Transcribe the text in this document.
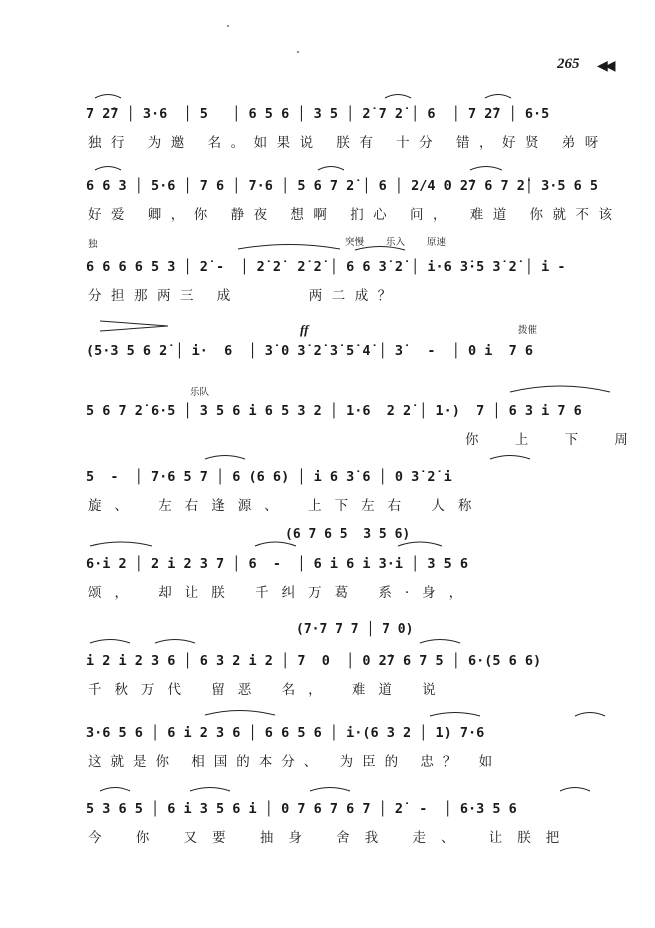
265 ◀◀
7 2̇7 │ 3·6  │ 5   │ 6 5 6 │ 3 5 │ 2̇ 7 2̇ │ 6  │ 7 2̇7 │ 6·5
独行 为邀 名。如果说 朕有 十分 错，好贤 弟呀
6 6 3 │ 5·6 │ 7 6 │ 7·6 │ 5 6 7 2̇ │ 6 │ 2/4 0 2̇7 6 7 2̇│ 3·5 6 5
好爱 卿，你 静夜 想啊 扪心 问， 难道 你就不该
独	突慢 乐入 原速
6 6 6 6 5 3 │ 2̇ -  │ 2̇ 2̇  2̇ 2̇ │ 6 6 3̇ 2̇ │ i·6 3̇·5 3̇ 2̇ │ i -
分担那两三 成     两二成？
ff	拨催
(5·3 5 6 2̇ │ i·  6  │ 3̇ 0 3̇ 2̇ 3̇ 5̇ 4̇ │ 3̇   -  │ 0 i  7 6
乐队
5 6 7 2̇ 6·5 │ 3 5 6 i 6 5 3 2 │ 1·6  2 2̇ │ 1·)  7 │ 6 3 i 7 6
你 上 下 周
5  -  │ 7·6 5 7 │ 6 (6 6) │ i 6 3̇ 6 │ 0 3̇ 2̇ i
旋、 左右逢源、 上下左右 人称
(6 7 6 5  3 5 6)
6·i 2 │ 2 i 2 3 7 │ 6  -  │ 6 i 6 i 3·i │ 3 5 6
颂， 却让朕 千纠万葛 系·身，
(7·7 7 7 │ 7 0)
i 2 i 2 3 6 │ 6 3 2 i 2 │ 7  0  │ 0 2̇7 6 7 5 │ 6·(5 6 6)
千秋万代 留恶 名， 难道 说
3·6 5 6 │ 6 i 2 3 6 │ 6 6 5 6 │ i·(6 3 2 │ 1) 7·6
这就是你 相国的本分、 为臣的 忠？ 如
5 3 6 5 │ 6 i 3 5 6 i │ 0 7 6 7 6 7 │ 2̇  -  │ 6·3 5 6
今 你 又要 抽身 舍我 走、 让朕把
